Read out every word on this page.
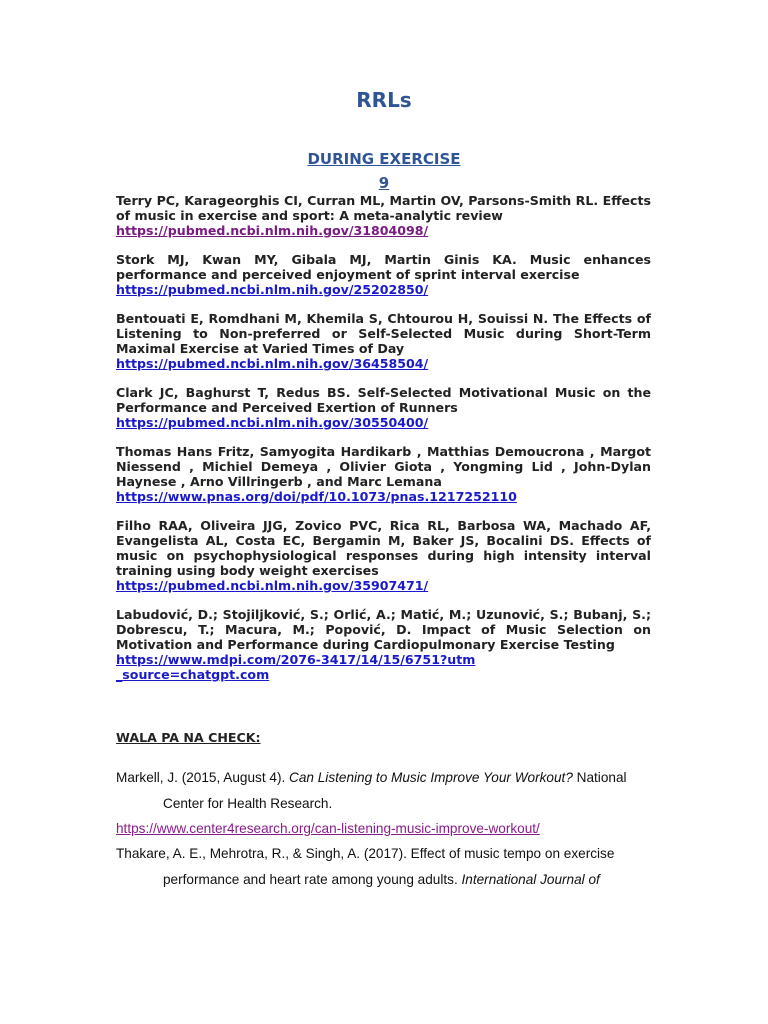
RRLs
DURING EXERCISE
9
Terry PC, Karageorghis CI, Curran ML, Martin OV, Parsons-Smith RL. Effects of music in exercise and sport: A meta-analytic review
https://pubmed.ncbi.nlm.nih.gov/31804098/
Stork MJ, Kwan MY, Gibala MJ, Martin Ginis KA. Music enhances performance and perceived enjoyment of sprint interval exercise
https://pubmed.ncbi.nlm.nih.gov/25202850/
Bentouati E, Romdhani M, Khemila S, Chtourou H, Souissi N. The Effects of Listening to Non-preferred or Self-Selected Music during Short-Term Maximal Exercise at Varied Times of Day
https://pubmed.ncbi.nlm.nih.gov/36458504/
Clark JC, Baghurst T, Redus BS. Self-Selected Motivational Music on the Performance and Perceived Exertion of Runners
https://pubmed.ncbi.nlm.nih.gov/30550400/
Thomas Hans Fritz, Samyogita Hardikarb , Matthias Demoucrona , Margot Niessend , Michiel Demeya , Olivier Giota , Yongming Lid , John-Dylan Haynese , Arno Villringerb , and Marc Lemana
https://www.pnas.org/doi/pdf/10.1073/pnas.1217252110
Filho RAA, Oliveira JJG, Zovico PVC, Rica RL, Barbosa WA, Machado AF, Evangelista AL, Costa EC, Bergamin M, Baker JS, Bocalini DS. Effects of music on psychophysiological responses during high intensity interval training using body weight exercises
https://pubmed.ncbi.nlm.nih.gov/35907471/
Labudović, D.; Stojiljković, S.; Orlić, A.; Matić, M.; Uzunović, S.; Bubanj, S.; Dobrescu, T.; Macura, M.; Popović, D. Impact of Music Selection on Motivation and Performance during Cardiopulmonary Exercise Testing
https://www.mdpi.com/2076-3417/14/15/6751?utm_source=chatgpt.com
WALA PA NA CHECK:

Markell, J. (2015, August 4). Can Listening to Music Improve Your Workout? National Center for Health Research.

https://www.center4research.org/can-listening-music-improve-workout/

Thakare, A. E., Mehrotra, R., & Singh, A. (2017). Effect of music tempo on exercise performance and heart rate among young adults. International Journal of
